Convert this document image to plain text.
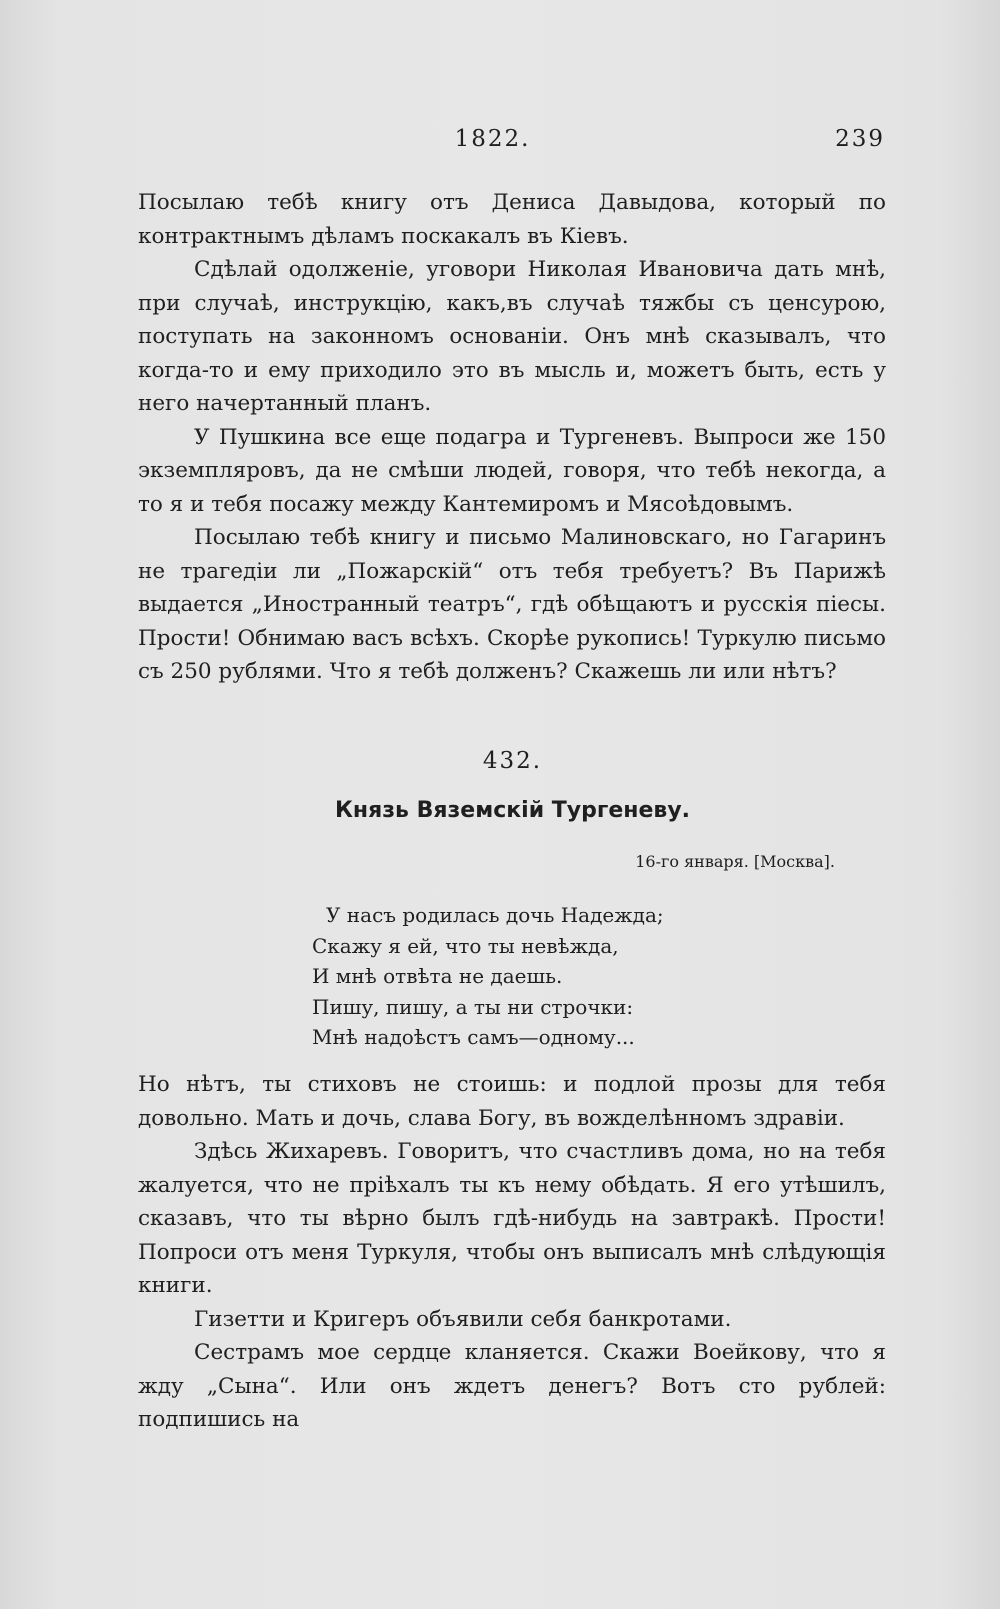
1822.	239

Посылаю тебѣ книгу отъ Дениса Давыдова, который по контрактнымъ дѣламъ поскакалъ въ Кіевъ.

Сдѣлай одолженіе, уговори Николая Ивановича дать мнѣ, при случаѣ, инструкцію, какъ,въ случаѣ тяжбы съ ценсурою, поступать на законномъ основаніи. Онъ мнѣ сказывалъ, что когда-то и ему приходило это въ мысль и, можетъ быть, есть у него начертанный планъ.

У Пушкина все еще подагра и Тургеневъ. Выпроси же 150 экземпляровъ, да не смѣши людей, говоря, что тебѣ некогда, а то я и тебя посажу между Кантемиромъ и Мясоѣдовымъ.

Посылаю тебѣ книгу и письмо Малиновскаго, но Гагаринъ не трагедіи ли „Пожарскій“ отъ тебя требуетъ? Въ Парижѣ выдается „Иностранный театръ“, гдѣ обѣщаютъ и русскія піесы. Прости! Обнимаю васъ всѣхъ. Скорѣе рукопись! Туркулю письмо съ 250 рублями. Что я тебѣ долженъ? Скажешь ли или нѣтъ?

432.
Князь Вяземскій Тургеневу.
16-го января. [Москва].
У насъ родилась дочь Надежда;
Скажу я ей, что ты невѣжда,
И мнѣ отвѣта не даешь.
Пишу, пишу, а ты ни строчки:
Мнѣ надоѣстъ самъ—одному...

Но нѣтъ, ты стиховъ не стоишь: и подлой прозы для тебя довольно. Мать и дочь, слава Богу, въ вожделѣнномъ здравіи.

Здѣсь Жихаревъ. Говоритъ, что счастливъ дома, но на тебя жалуется, что не пріѣхалъ ты къ нему обѣдать. Я его утѣшилъ, сказавъ, что ты вѣрно былъ гдѣ-нибудь на завтракѣ. Прости! Попроси отъ меня Туркуля, чтобы онъ выписалъ мнѣ слѣдующія книги.

Гизетти и Кригеръ объявили себя банкротами.

Сестрамъ мое сердце кланяется. Скажи Воейкову, что я жду „Сына“. Или онъ ждетъ денегъ? Вотъ сто рублей: подпишись на
